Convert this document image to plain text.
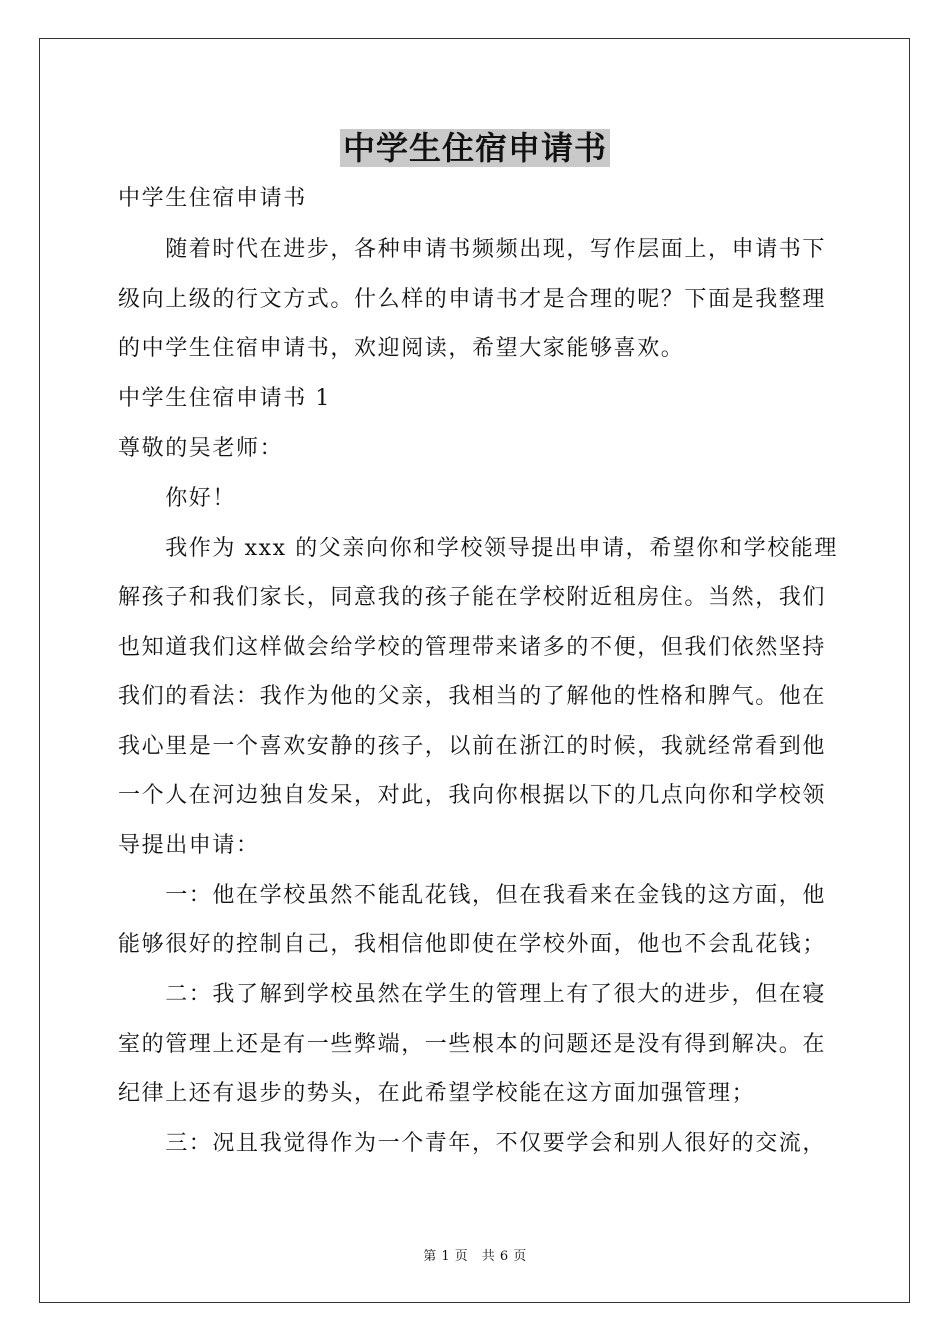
中学生住宿申请书

中学生住宿申请书

　　随着时代在进步，各种申请书频频出现，写作层面上，申请书下

级向上级的行文方式。什么样的申请书才是合理的呢？下面是我整理

的中学生住宿申请书，欢迎阅读，希望大家能够喜欢。

中学生住宿申请书 1

尊敬的吴老师：

　　你好！

　　我作为 xxx 的父亲向你和学校领导提出申请，希望你和学校能理

解孩子和我们家长，同意我的孩子能在学校附近租房住。当然，我们

也知道我们这样做会给学校的管理带来诸多的不便，但我们依然坚持

我们的看法：我作为他的父亲，我相当的了解他的性格和脾气。他在

我心里是一个喜欢安静的孩子，以前在浙江的时候，我就经常看到他

一个人在河边独自发呆，对此，我向你根据以下的几点向你和学校领

导提出申请：

　　一：他在学校虽然不能乱花钱，但在我看来在金钱的这方面，他

能够很好的控制自己，我相信他即使在学校外面，他也不会乱花钱；

　　二：我了解到学校虽然在学生的管理上有了很大的进步，但在寝

室的管理上还是有一些弊端，一些根本的问题还是没有得到解决。在

纪律上还有退步的势头，在此希望学校能在这方面加强管理；

　　三：况且我觉得作为一个青年，不仅要学会和别人很好的交流，

第 1 页　共 6 页
